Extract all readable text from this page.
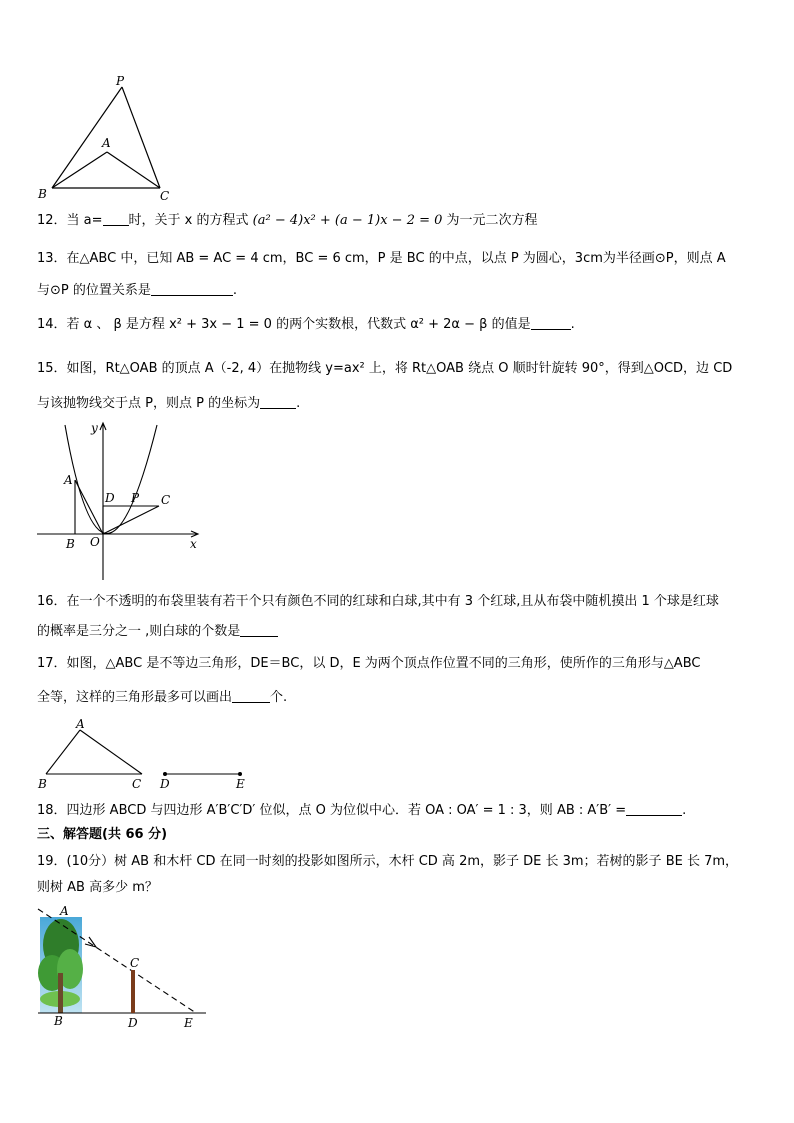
P
A
B	C
12．当 a= 时，关于 x 的方程式 (a² − 4)x² + (a − 1)x − 2 = 0 为一元二次方程
13．在△ABC 中，已知 AB = AC = 4 cm，BC = 6 cm，P 是 BC 的中点，以点 P 为圆心，3cm为半径画⊙P，则点 A
与⊙P 的位置关系是	.
14．若 α 、 β 是方程 x² + 3x − 1 = 0 的两个实数根，代数式 α² + 2α − β 的值是	.
15．如图，Rt△OAB 的顶点 A（-2, 4）在抛物线 y=ax² 上，将 Rt△OAB 绕点 O 顺时针旋转 90°，得到△OCD，边 CD
与该抛物线交于点 P，则点 P 的坐标为	.
y
x
A
B O
D P C
16．在一个不透明的布袋里装有若干个只有颜色不同的红球和白球,其中有 3 个红球,且从布袋中随机摸出 1 个球是红球
的概率是三分之一 ,则白球的个数是
17．如图，△ABC 是不等边三角形，DE＝BC，以 D，E 为两个顶点作位置不同的三角形，使所作的三角形与△ABC
全等，这样的三角形最多可以画出	个.
A
B	C D	E
18．四边形 ABCD 与四边形 A′B′C′D′ 位似，点 O 为位似中心．若 OA : OA′ = 1 : 3，则 AB : A′B′ =	.
三、解答题(共 66 分)
19．(10分）树 AB 和木杆 CD 在同一时刻的投影如图所示，木杆 CD 高 2m，影子 DE 长 3m；若树的影子 BE 长 7m，
则树 AB 高多少 m？
A
B
C
D	E
